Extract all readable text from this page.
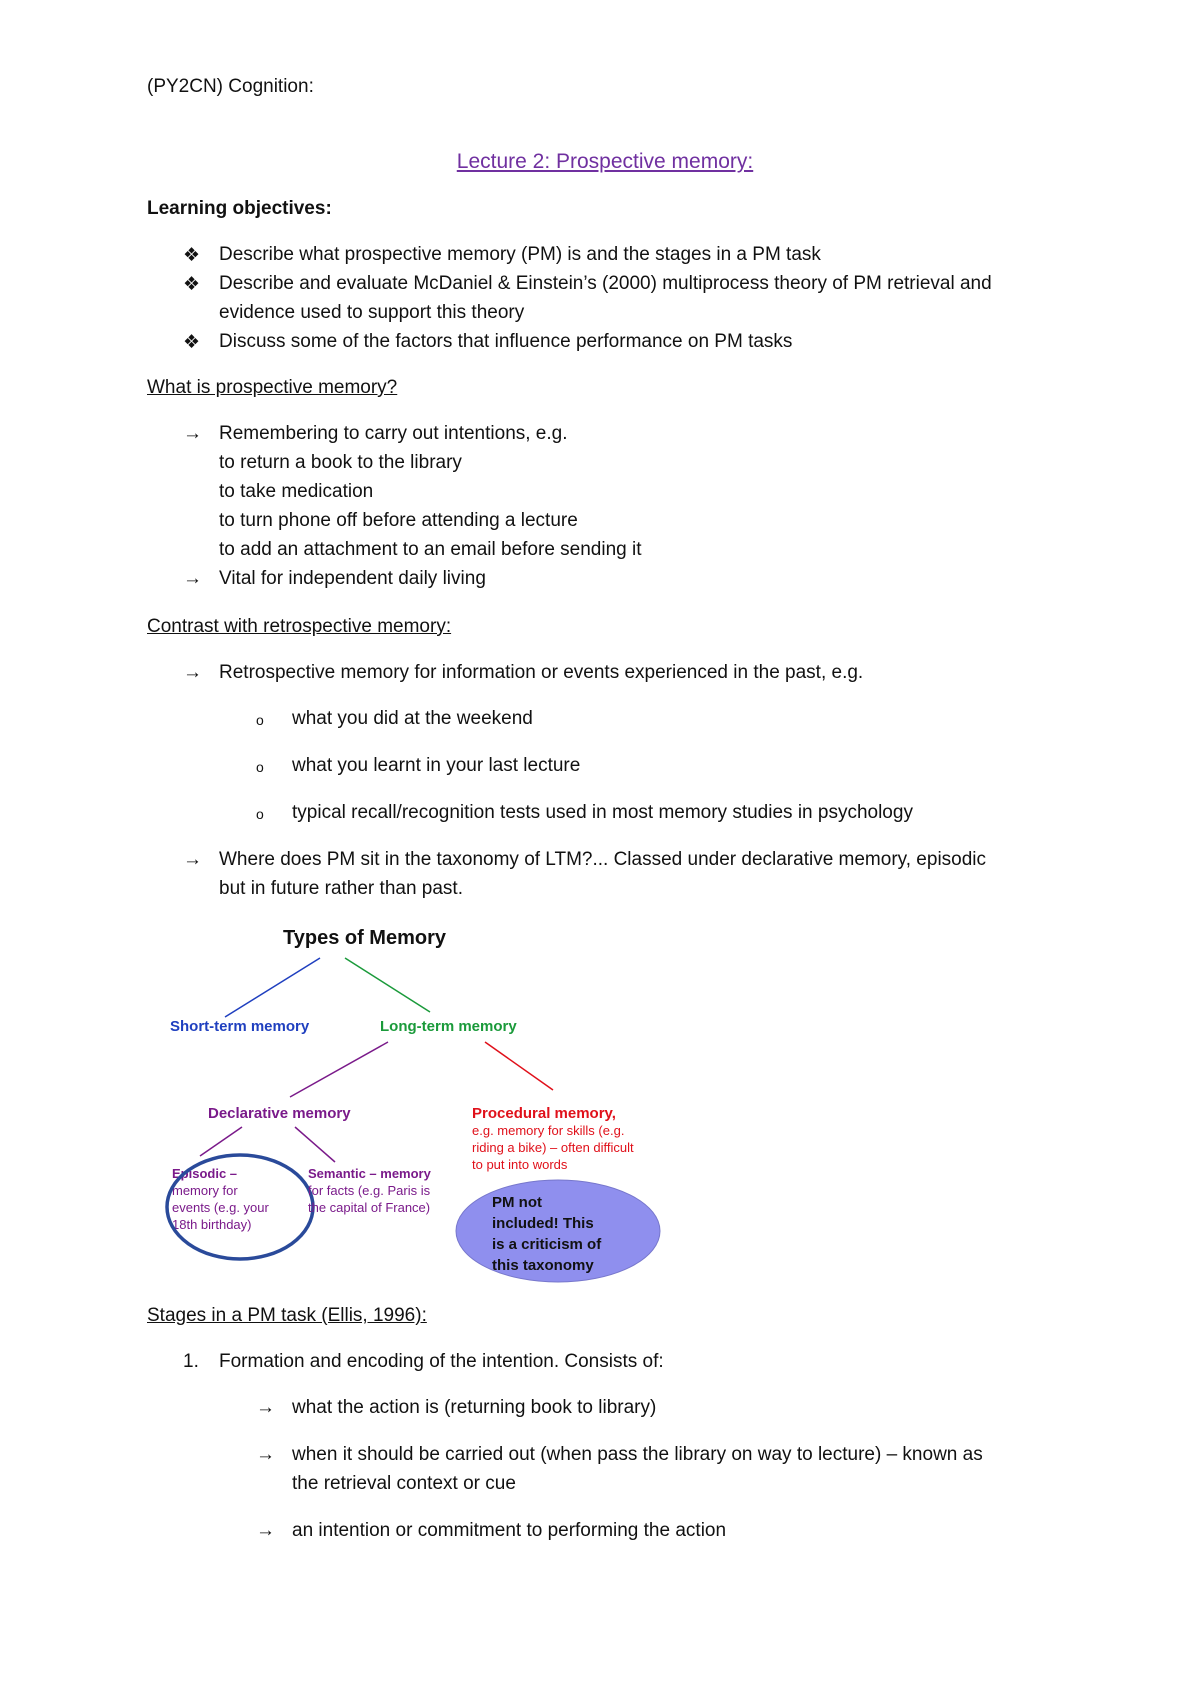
(PY2CN) Cognition:
Lecture 2: Prospective memory:
Learning objectives:
❖ Describe what prospective memory (PM) is and the stages in a PM task
❖ Describe and evaluate McDaniel & Einstein’s (2000) multiprocess theory of PM retrieval and
evidence used to support this theory
❖ Discuss some of the factors that influence performance on PM tasks
What is prospective memory?
→ Remembering to carry out intentions, e.g.
to return a book to the library
to take medication
to turn phone off before attending a lecture
to add an attachment to an email before sending it
→ Vital for independent daily living
Contrast with retrospective memory:
→ Retrospective memory for information or events experienced in the past, e.g.
o what you did at the weekend
o what you learnt in your last lecture
o typical recall/recognition tests used in most memory studies in psychology
→ Where does PM sit in the taxonomy of LTM?... Classed under declarative memory, episodic
but in future rather than past.
Types of Memory
Short-term memory	Long-term memory
Declarative memory	Procedural memory,
e.g. memory for skills (e.g.
riding a bike) – often difficult
to put into words
Episodic –
memory for
events (e.g. your
18th birthday)
Semantic – memory
for facts (e.g. Paris is
the capital of France)	PM not
included! This
is a criticism of
this taxonomy
Stages in a PM task (Ellis, 1996):
1. Formation and encoding of the intention. Consists of:
→ what the action is (returning book to library)
→ when it should be carried out (when pass the library on way to lecture) – known as
the retrieval context or cue
→ an intention or commitment to performing the action
